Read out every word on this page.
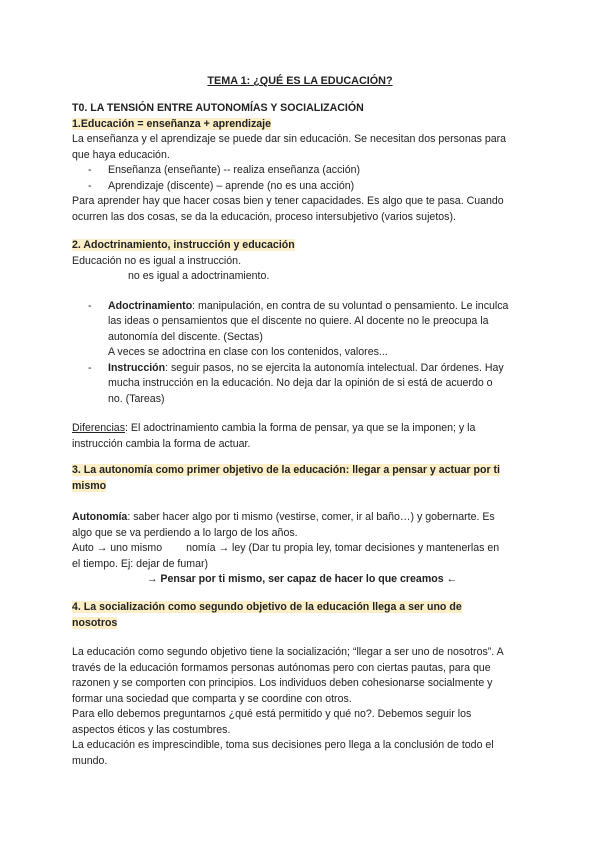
TEMA 1: ¿QUÉ ES LA EDUCACIÓN?
T0. LA TENSIÓN ENTRE AUTONOMÍAS Y SOCIALIZACIÓN
1.Educación = enseñanza + aprendizaje
La enseñanza y el aprendizaje se puede dar sin educación. Se necesitan dos personas para
que haya educación.
- Enseñanza (enseñante) -- realiza enseñanza (acción)
- Aprendizaje (discente) – aprende (no es una acción)
Para aprender hay que hacer cosas bien y tener capacidades. Es algo que te pasa. Cuando
ocurren las dos cosas, se da la educación, proceso intersubjetivo (varios sujetos).
2. Adoctrinamiento, instrucción y educación
Educación no es igual a instrucción.
no es igual a adoctrinamiento.
- Adoctrinamiento: manipulación, en contra de su voluntad o pensamiento. Le inculca
las ideas o pensamientos que el discente no quiere. Al docente no le preocupa la
autonomía del discente. (Sectas)
A veces se adoctrina en clase con los contenidos, valores...
- Instrucción: seguir pasos, no se ejercita la autonomía intelectual. Dar órdenes. Hay
mucha instrucción en la educación. No deja dar la opinión de si está de acuerdo o
no. (Tareas)
Diferencias: El adoctrinamiento cambia la forma de pensar, ya que se la imponen; y la
instrucción cambia la forma de actuar.
3. La autonomía como primer objetivo de la educación: llegar a pensar y actuar por ti
mismo
Autonomía: saber hacer algo por ti mismo (vestirse, comer, ir al baño…) y gobernarte. Es
algo que se va perdiendo a lo largo de los años.
Auto → uno mismo nomía → ley (Dar tu propia ley, tomar decisiones y mantenerlas en
el tiempo. Ej: dejar de fumar)
→ Pensar por ti mismo, ser capaz de hacer lo que creamos ←
4. La socialización como segundo objetivo de la educación llega a ser uno de
nosotros
La educación como segundo objetivo tiene la socialización; “llegar a ser uno de nosotros”. A
través de la educación formamos personas autónomas pero con ciertas pautas, para que
razonen y se comporten con principios. Los individuos deben cohesionarse socialmente y
formar una sociedad que comparta y se coordine con otros.
Para ello debemos preguntarnos ¿qué está permitido y qué no?. Debemos seguir los
aspectos éticos y las costumbres.
La educación es imprescindible, toma sus decisiones pero llega a la conclusión de todo el
mundo.
